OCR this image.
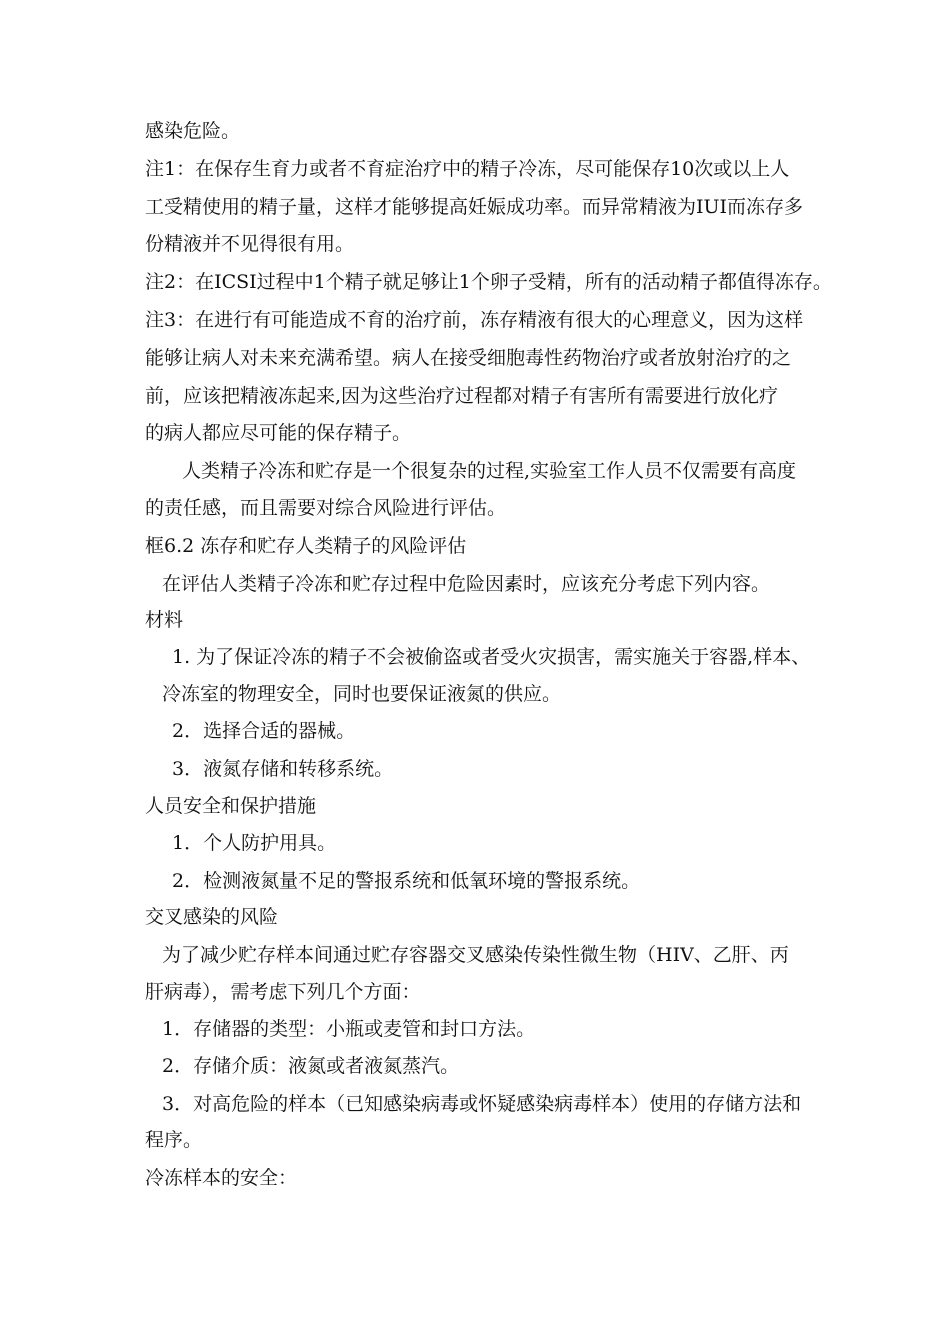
感染危险。
注1：在保存生育力或者不育症治疗中的精子冷冻，尽可能保存10次或以上人
工受精使用的精子量，这样才能够提高妊娠成功率。而异常精液为IUI而冻存多
份精液并不见得很有用。
注2：在ICSI过程中1个精子就足够让1个卵子受精，所有的活动精子都值得冻存。
注3：在进行有可能造成不育的治疗前，冻存精液有很大的心理意义，因为这样
能够让病人对未来充满希望。病人在接受细胞毒性药物治疗或者放射治疗的之
前，应该把精液冻起来,因为这些治疗过程都对精子有害所有需要进行放化疗
的病人都应尽可能的保存精子。
人类精子冷冻和贮存是一个很复杂的过程,实验室工作人员不仅需要有高度
的责任感，而且需要对综合风险进行评估。
框6.2 冻存和贮存人类精子的风险评估
在评估人类精子冷冻和贮存过程中危险因素时，应该充分考虑下列内容。
材料
1. 为了保证冷冻的精子不会被偷盗或者受火灾损害，需实施关于容器,样本、
冷冻室的物理安全，同时也要保证液氮的供应。
2．选择合适的器械。
3．液氮存储和转移系统。
人员安全和保护措施
1．个人防护用具。
2．检测液氮量不足的警报系统和低氧环境的警报系统。
交叉感染的风险
为了减少贮存样本间通过贮存容器交叉感染传染性微生物（HIV、乙肝、丙
肝病毒），需考虑下列几个方面：
1．存储器的类型：小瓶或麦管和封口方法。
2．存储介质：液氮或者液氮蒸汽。
3．对高危险的样本（已知感染病毒或怀疑感染病毒样本）使用的存储方法和
程序。
冷冻样本的安全：
